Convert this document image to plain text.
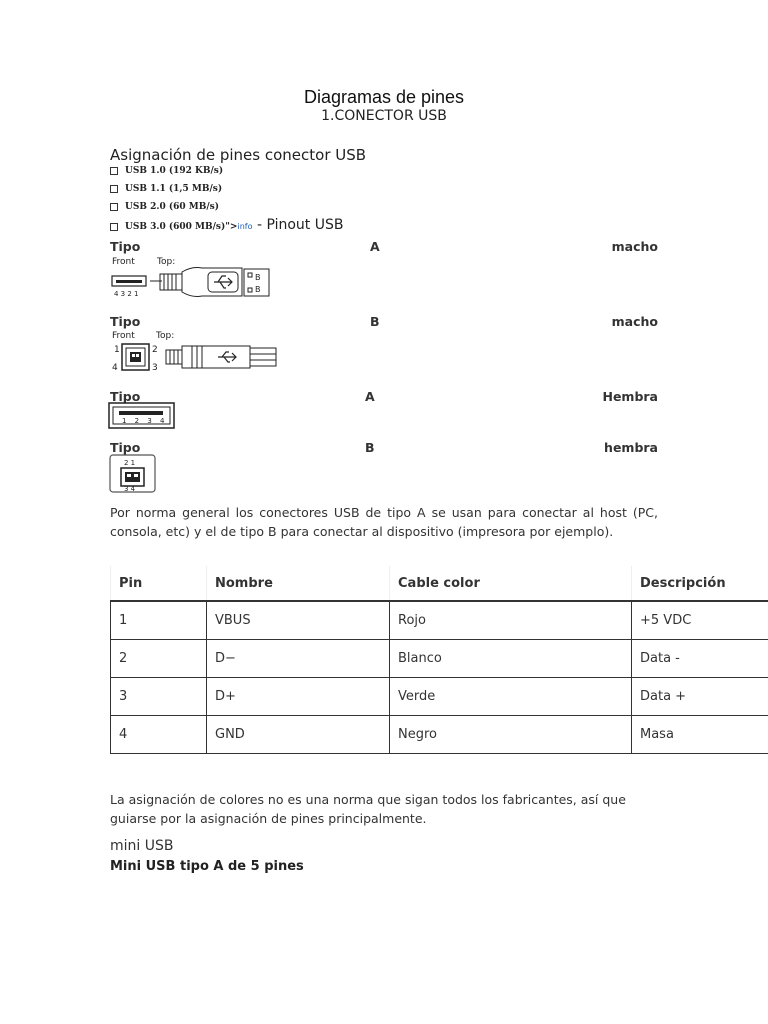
Diagramas de pines
1.CONECTOR USB
Asignación de pines conector USB
USB 1.0 (192 KB/s)
USB 1.1 (1,5 MB/s)
USB 2.0 (60 MB/s)
USB 3.0 (600 MB/s)">info - Pinout USB
Tipo	A	macho
Front Top:
4 3 2 1
B
B
Tipo	B	macho
Front Top:
1
4
2
3
Tipo	A	Hembra
1 2 3 4
Tipo	B	hembra
2 1
3 4
Por norma general los conectores USB de tipo A se usan para conectar al host (PC, consola, etc) y el de tipo B para conectar al dispositivo (impresora por ejemplo).
Pin	Nombre	Cable color	Descripción
1	VBUS	Rojo	+5 VDC
2	D−	Blanco	Data -
3	D+	Verde	Data +
4	GND	Negro	Masa
La asignación de colores no es una norma que sigan todos los fabricantes, así que guiarse por la asignación de pines principalmente.
mini USB
Mini USB tipo A de 5 pines
